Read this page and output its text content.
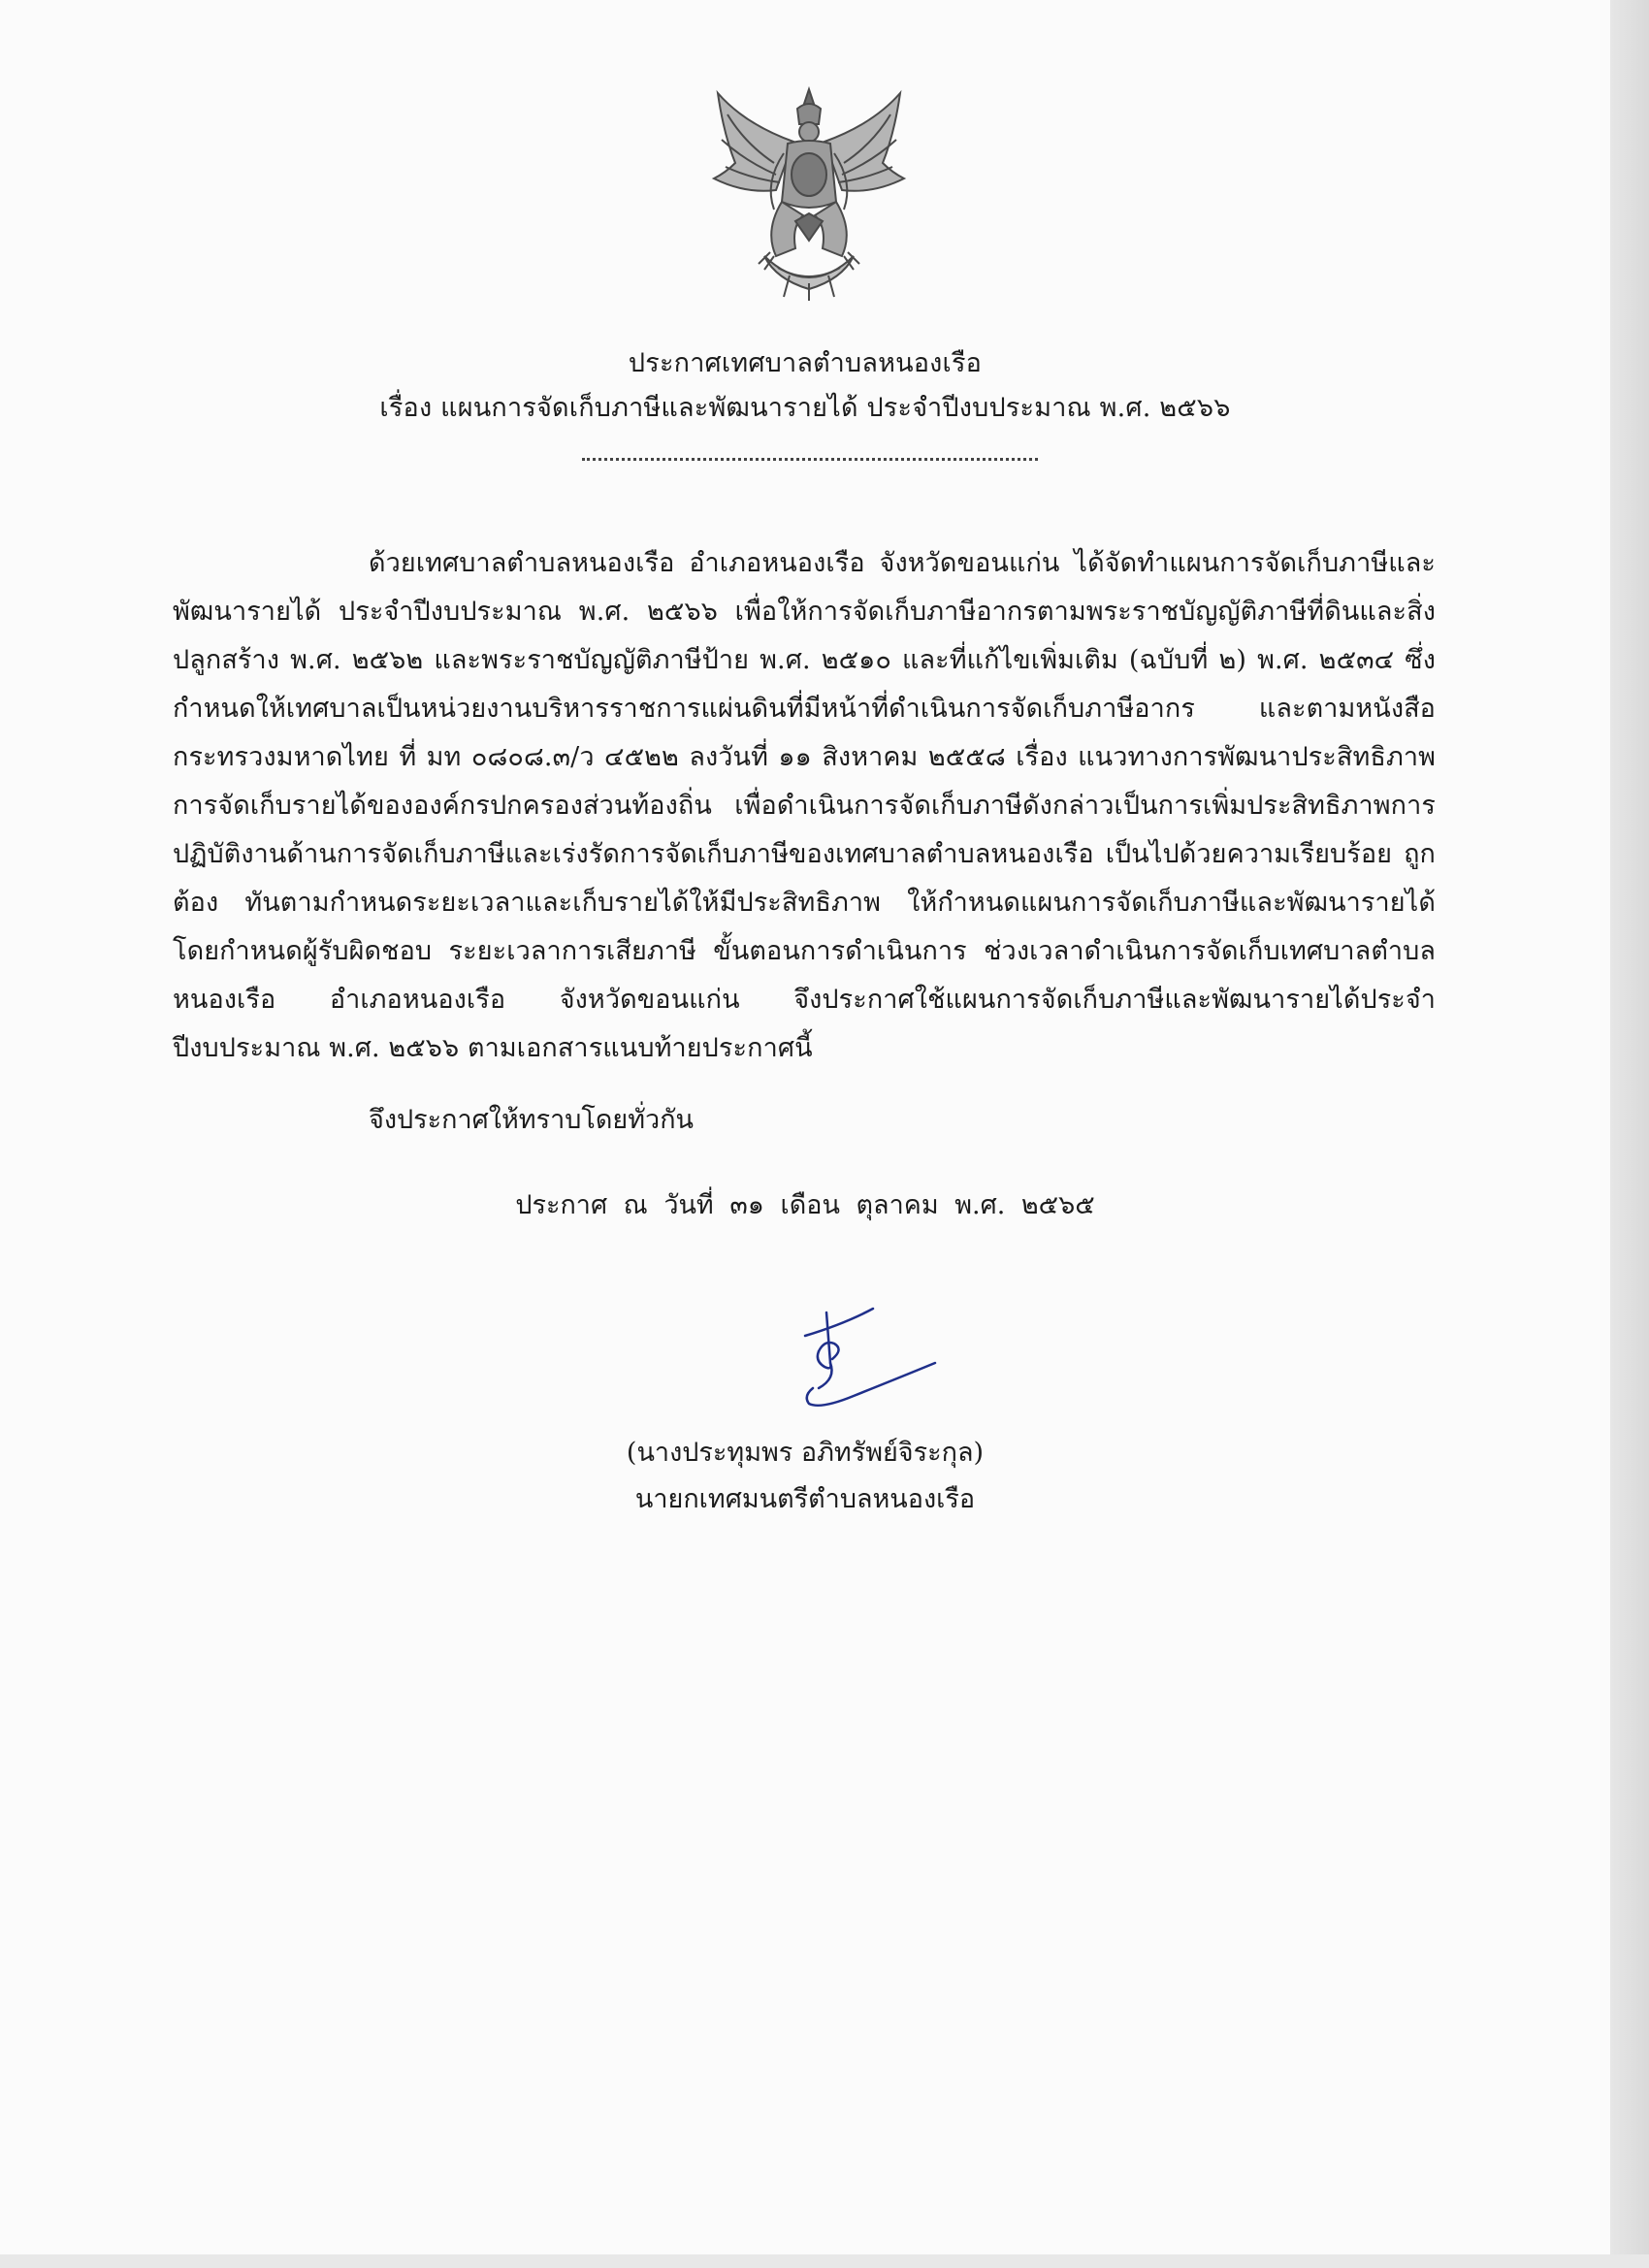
ประกาศเทศบาลตำบลหนองเรือ
เรื่อง แผนการจัดเก็บภาษีและพัฒนารายได้ ประจำปีงบประมาณ พ.ศ. ๒๕๖๖
ด้วยเทศบาลตำบลหนองเรือ อำเภอหนองเรือ จังหวัดขอนแก่น ได้จัดทำแผนการจัดเก็บภาษีและพัฒนารายได้ ประจำปีงบประมาณ พ.ศ. ๒๕๖๖ เพื่อให้การจัดเก็บภาษีอากรตามพระราชบัญญัติภาษีที่ดินและสิ่งปลูกสร้าง พ.ศ. ๒๕๖๒ และพระราชบัญญัติภาษีป้าย พ.ศ. ๒๕๑๐ และที่แก้ไขเพิ่มเติม (ฉบับที่ ๒) พ.ศ. ๒๕๓๔ ซึ่งกำหนดให้เทศบาลเป็นหน่วยงานบริหารราชการแผ่นดินที่มีหน้าที่ดำเนินการจัดเก็บภาษีอากร และตามหนังสือกระทรวงมหาดไทย ที่ มท ๐๘๐๘.๓/ว ๔๕๒๒ ลงวันที่ ๑๑ สิงหาคม ๒๕๕๘ เรื่อง แนวทางการพัฒนาประสิทธิภาพการจัดเก็บรายได้ขององค์กรปกครองส่วนท้องถิ่น เพื่อดำเนินการจัดเก็บภาษีดังกล่าวเป็นการเพิ่มประสิทธิภาพการปฏิบัติงานด้านการจัดเก็บภาษีและเร่งรัดการจัดเก็บภาษีของเทศบาลตำบลหนองเรือ เป็นไปด้วยความเรียบร้อย ถูกต้อง ทันตามกำหนดระยะเวลาและเก็บรายได้ให้มีประสิทธิภาพ ให้กำหนดแผนการจัดเก็บภาษีและพัฒนารายได้ โดยกำหนดผู้รับผิดชอบ ระยะเวลาการเสียภาษี ขั้นตอนการดำเนินการ ช่วงเวลาดำเนินการจัดเก็บเทศบาลตำบลหนองเรือ อำเภอหนองเรือ จังหวัดขอนแก่น จึงประกาศใช้แผนการจัดเก็บภาษีและพัฒนารายได้ประจำปีงบประมาณ พ.ศ. ๒๕๖๖ ตามเอกสารแนบท้ายประกาศนี้
จึงประกาศให้ทราบโดยทั่วกัน
ประกาศ ณ วันที่ ๓๑ เดือน ตุลาคม พ.ศ. ๒๕๖๕
(นางประทุมพร อภิทรัพย์จิระกุล)
นายกเทศมนตรีตำบลหนองเรือ
